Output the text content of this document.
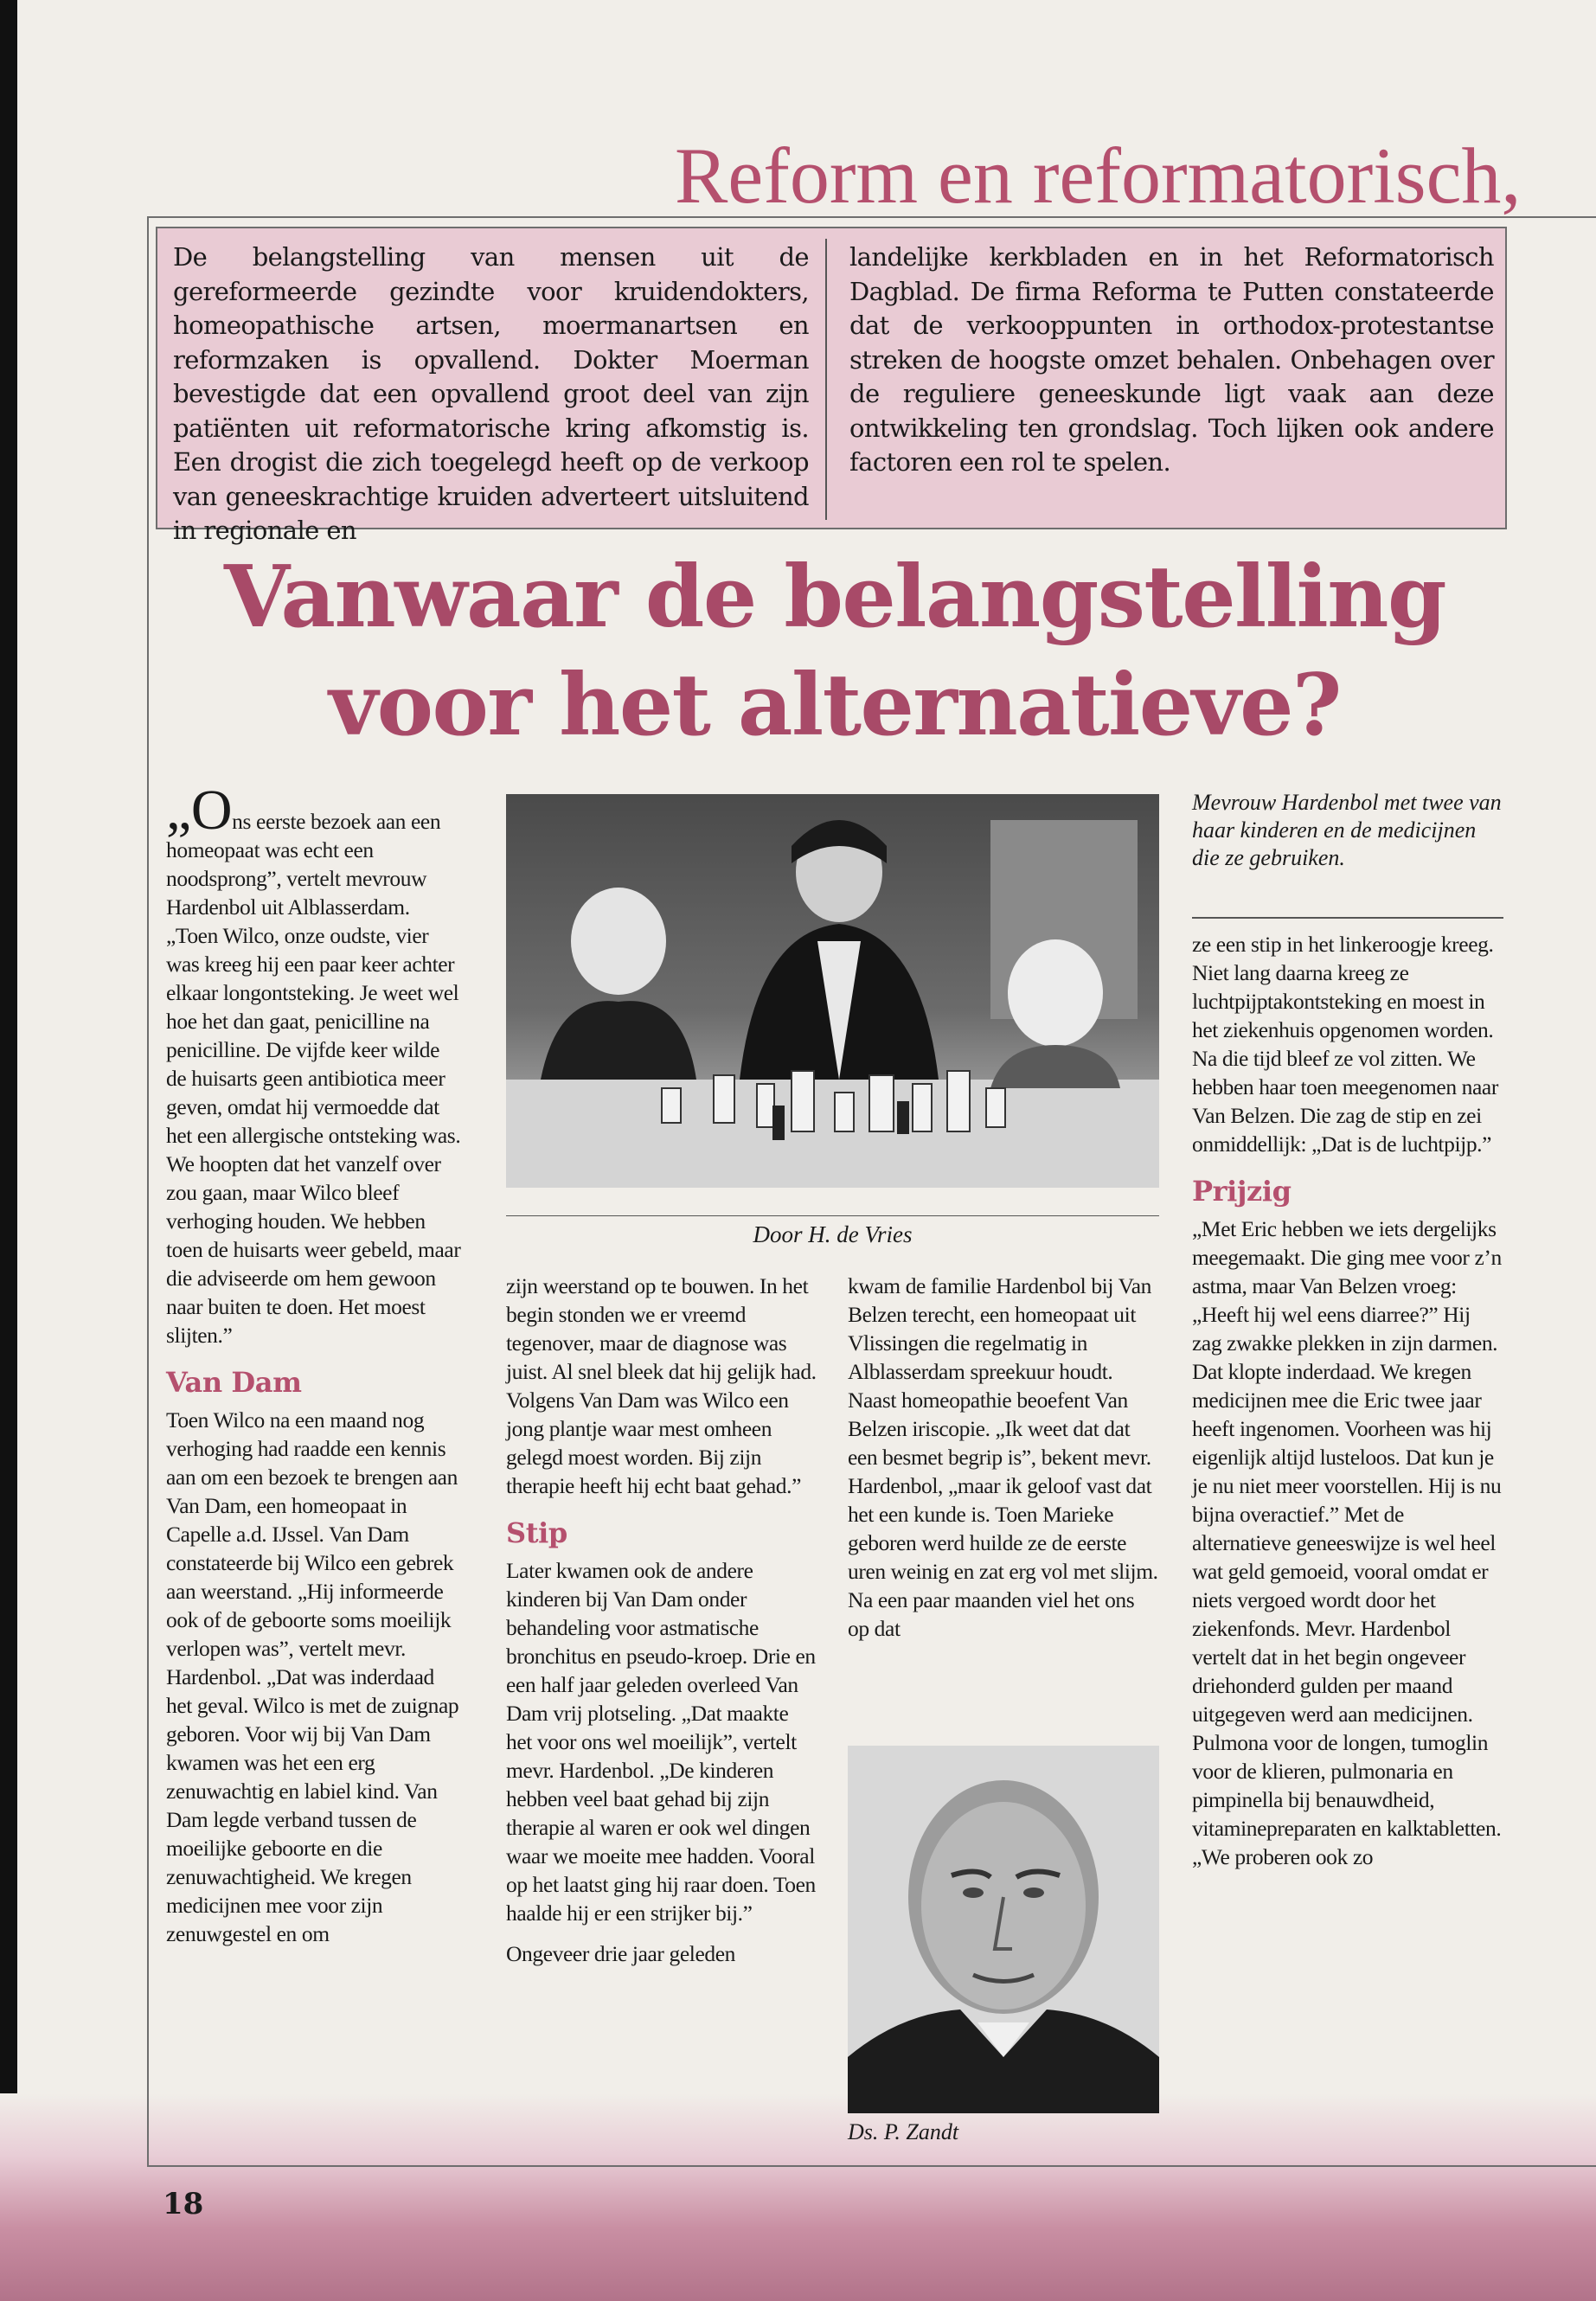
Reform en reformatorisch,
De belangstelling van mensen uit de gereformeerde gezindte voor kruidendokters, homeopathische artsen, moermanartsen en reformzaken is opvallend. Dokter Moerman bevestigde dat een opvallend groot deel van zijn patiënten uit reformatorische kring afkomstig is. Een drogist die zich toegelegd heeft op de verkoop van geneeskrachtige kruiden adverteert uitsluitend in regionale en
landelijke kerkbladen en in het Reformatorisch Dagblad. De firma Reforma te Putten constateerde dat de verkooppunten in orthodox-protestantse streken de hoogste omzet behalen. Onbehagen over de reguliere geneeskunde ligt vaak aan deze ontwikkeling ten grondslag. Toch lijken ook andere factoren een rol te spelen.
Vanwaar de belangstelling
voor het alternatieve?

„Ons eerste bezoek aan een homeopaat was echt een noodsprong”, vertelt mevrouw Hardenbol uit Alblasserdam. „Toen Wilco, onze oudste, vier was kreeg hij een paar keer achter elkaar longontsteking. Je weet wel hoe het dan gaat, penicilline na penicilline. De vijfde keer wilde de huisarts geen antibiotica meer geven, omdat hij vermoedde dat het een allergische ontsteking was. We hoopten dat het vanzelf over zou gaan, maar Wilco bleef verhoging houden. We hebben toen de huisarts weer gebeld, maar die adviseerde om hem gewoon naar buiten te doen. Het moest slijten.”

Van Dam

Toen Wilco na een maand nog verhoging had raadde een kennis aan om een bezoek te brengen aan Van Dam, een homeopaat in Capelle a.d. IJssel. Van Dam constateerde bij Wilco een gebrek aan weerstand. „Hij informeerde ook of de geboorte soms moeilijk verlopen was”, vertelt mevr. Hardenbol. „Dat was inderdaad het geval. Wilco is met de zuignap geboren. Voor wij bij Van Dam kwamen was het een erg zenuwachtig en labiel kind. Van Dam legde verband tussen de moeilijke geboorte en die zenuwachtigheid. We kregen medicijnen mee voor zijn zenuwgestel en om

Door H. de Vries

zijn weerstand op te bouwen. In het begin stonden we er vreemd tegenover, maar de diagnose was juist. Al snel bleek dat hij gelijk had. Volgens Van Dam was Wilco een jong plantje waar mest omheen gelegd moest worden. Bij zijn therapie heeft hij echt baat gehad.”

Stip

Later kwamen ook de andere kinderen bij Van Dam onder behandeling voor astmatische bronchitus en pseudo-kroep. Drie en een half jaar geleden overleed Van Dam vrij plotseling. „Dat maakte het voor ons wel moeilijk”, vertelt mevr. Hardenbol. „De kinderen hebben veel baat gehad bij zijn therapie al waren er ook wel dingen waar we moeite mee hadden. Vooral op het laatst ging hij raar doen. Toen haalde hij er een strijker bij.”

Ongeveer drie jaar geleden

kwam de familie Hardenbol bij Van Belzen terecht, een homeopaat uit Vlissingen die regelmatig in Alblasserdam spreekuur houdt. Naast homeopathie beoefent Van Belzen iriscopie. „Ik weet dat dat een besmet begrip is”, bekent mevr. Hardenbol, „maar ik geloof vast dat het een kunde is. Toen Marieke geboren werd huilde ze de eerste uren weinig en zat erg vol met slijm. Na een paar maanden viel het ons op dat

Ds. P. Zandt
Mevrouw Hardenbol met twee van haar kinderen en de medicijnen die ze gebruiken.

ze een stip in het linkeroogje kreeg. Niet lang daarna kreeg ze luchtpijptakontsteking en moest in het ziekenhuis opgenomen worden. Na die tijd bleef ze vol zitten. We hebben haar toen meegenomen naar Van Belzen. Die zag de stip en zei onmiddellijk: „Dat is de luchtpijp.”

Prijzig

„Met Eric hebben we iets dergelijks meegemaakt. Die ging mee voor z’n astma, maar Van Belzen vroeg: „Heeft hij wel eens diarree?” Hij zag zwakke plekken in zijn darmen. Dat klopte inderdaad. We kregen medicijnen mee die Eric twee jaar heeft ingenomen. Voorheen was hij eigenlijk altijd lusteloos. Dat kun je je nu niet meer voorstellen. Hij is nu bijna overactief.” Met de alternatieve geneeswijze is wel heel wat geld gemoeid, vooral omdat er niets vergoed wordt door het ziekenfonds. Mevr. Hardenbol vertelt dat in het begin ongeveer driehonderd gulden per maand uitgegeven werd aan medicijnen. Pulmona voor de longen, tumoglin voor de klieren, pulmonaria en pimpinella bij benauwdheid, vitaminepreparaten en kalktabletten. „We proberen ook zo

18
